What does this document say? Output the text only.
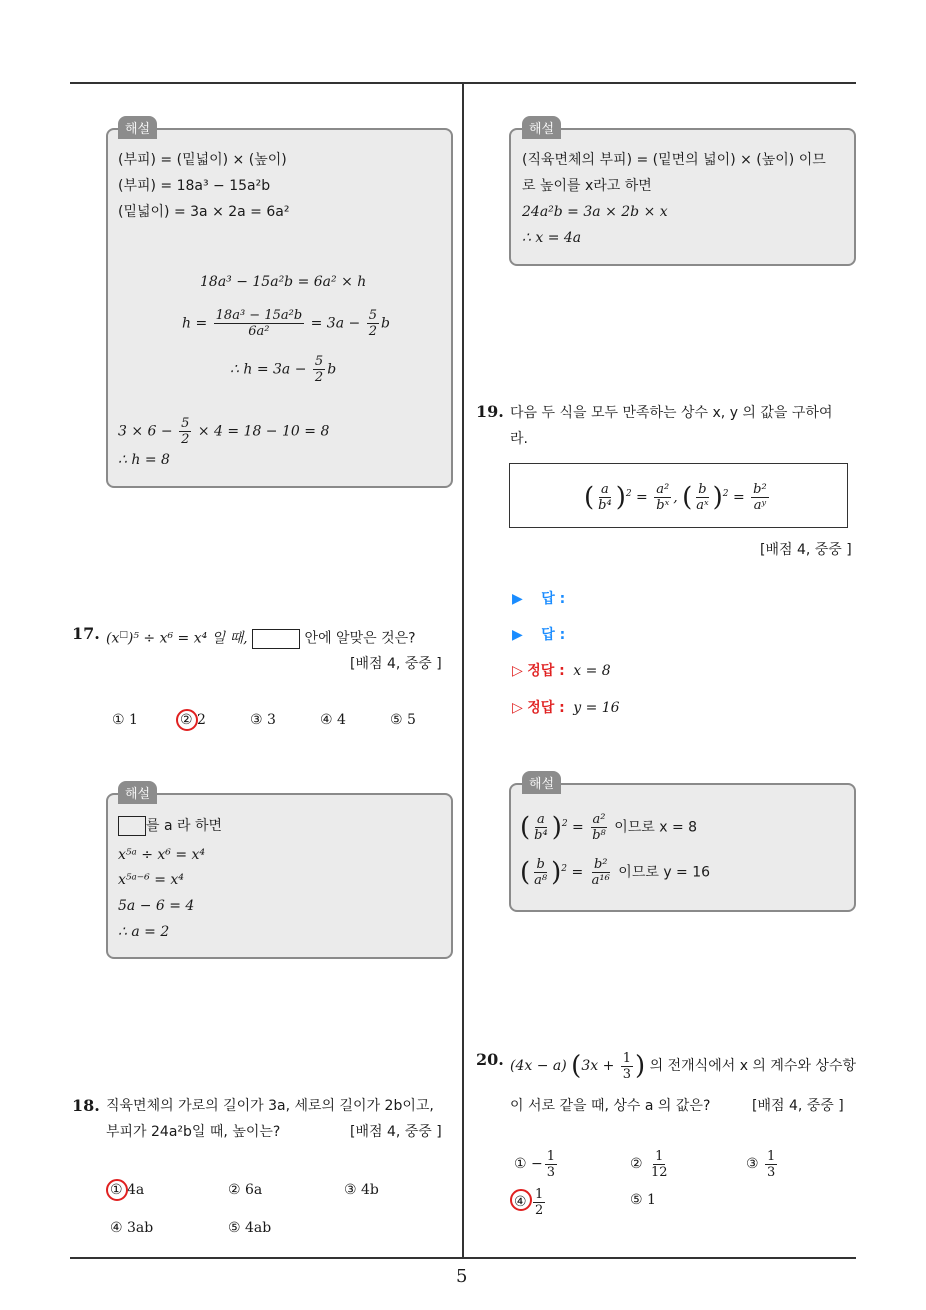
5
해설
(부피) = (밑넓이) × (높이)
(부피) = 18a³ − 15a²b
(밑넓이) = 3a × 2a = 6a²
18a³ − 15a²b = 6a² × h
$h = \frac{\text{18a³ − 15a²b}}{\text{6a²}} = 3a - \frac{5}{2}$ b
∴ $h = 3a - \frac{5}{2}$ b
$3 \times 6 - \frac{5}{2} \times 4 = 18 - 10 = 8$
∴ h = 8
17. (x□)⁵ ÷ x⁶ = x⁴ 일 때,	안에 알맞은 것은?
[배점 4, 중중 ]
① 1	② 2	③ 3	④ 4	⑤ 5
해설
를 a 라 하면
x⁵ᵃ ÷ x⁶ = x⁴
x⁵ᵃ⁻⁶ = x⁴
5a − 6 = 4
∴ a = 2
18. 직육면체의 가로의 길이가 3a, 세로의 길이가 2b이고,
부피가 24a²b일 때, 높이는?	[배점 4, 중중 ]
① 4a	② 6a	③ 4b
④ 3ab	⑤ 4ab
해설
(직육면체의 부피) = (밑면의 넓이) × (높이) 이므
로 높이를 x라고 하면
24a²b = 3a × 2b × x
∴ x = 4a
19. 다음 두 식을 모두 만족하는 상수 x, y 의 값을 구하여
라.
( $\frac{a}{\text{b⁴}} )^2 = \frac{\text{a²}}{\text{bˣ}}$ , ( $\frac{b}{\text{aˣ}} )^2 = \frac{\text{b²}}{\text{aʸ}}$
[배점 4, 중중 ]
▶ 답 :
▶ 답 :
▷ 정답 : x = 8
▷ 정답 : y = 16
해설
( $\frac{a}{\text{b⁴}} )^2 = \frac{\text{a²}}{\text{b⁸}}$ 이므로 x = 8
( $\frac{b}{\text{a⁸}} )^2 = \frac{\text{b²}}{\text{a¹⁶}}$ 이므로 y = 16
20. (4x − a) ($3x + \frac{1}{3}$ ) 의 전개식에서 x 의 계수와 상수항
이 서로 같을 때, 상수 a 의 값은?	[배점 4, 중중 ]
① − $\frac{1}{3}$	② $\frac{1}{12}$	③ $\frac{1}{3}$
④ $\frac{1}{2}$	⑤ 1
